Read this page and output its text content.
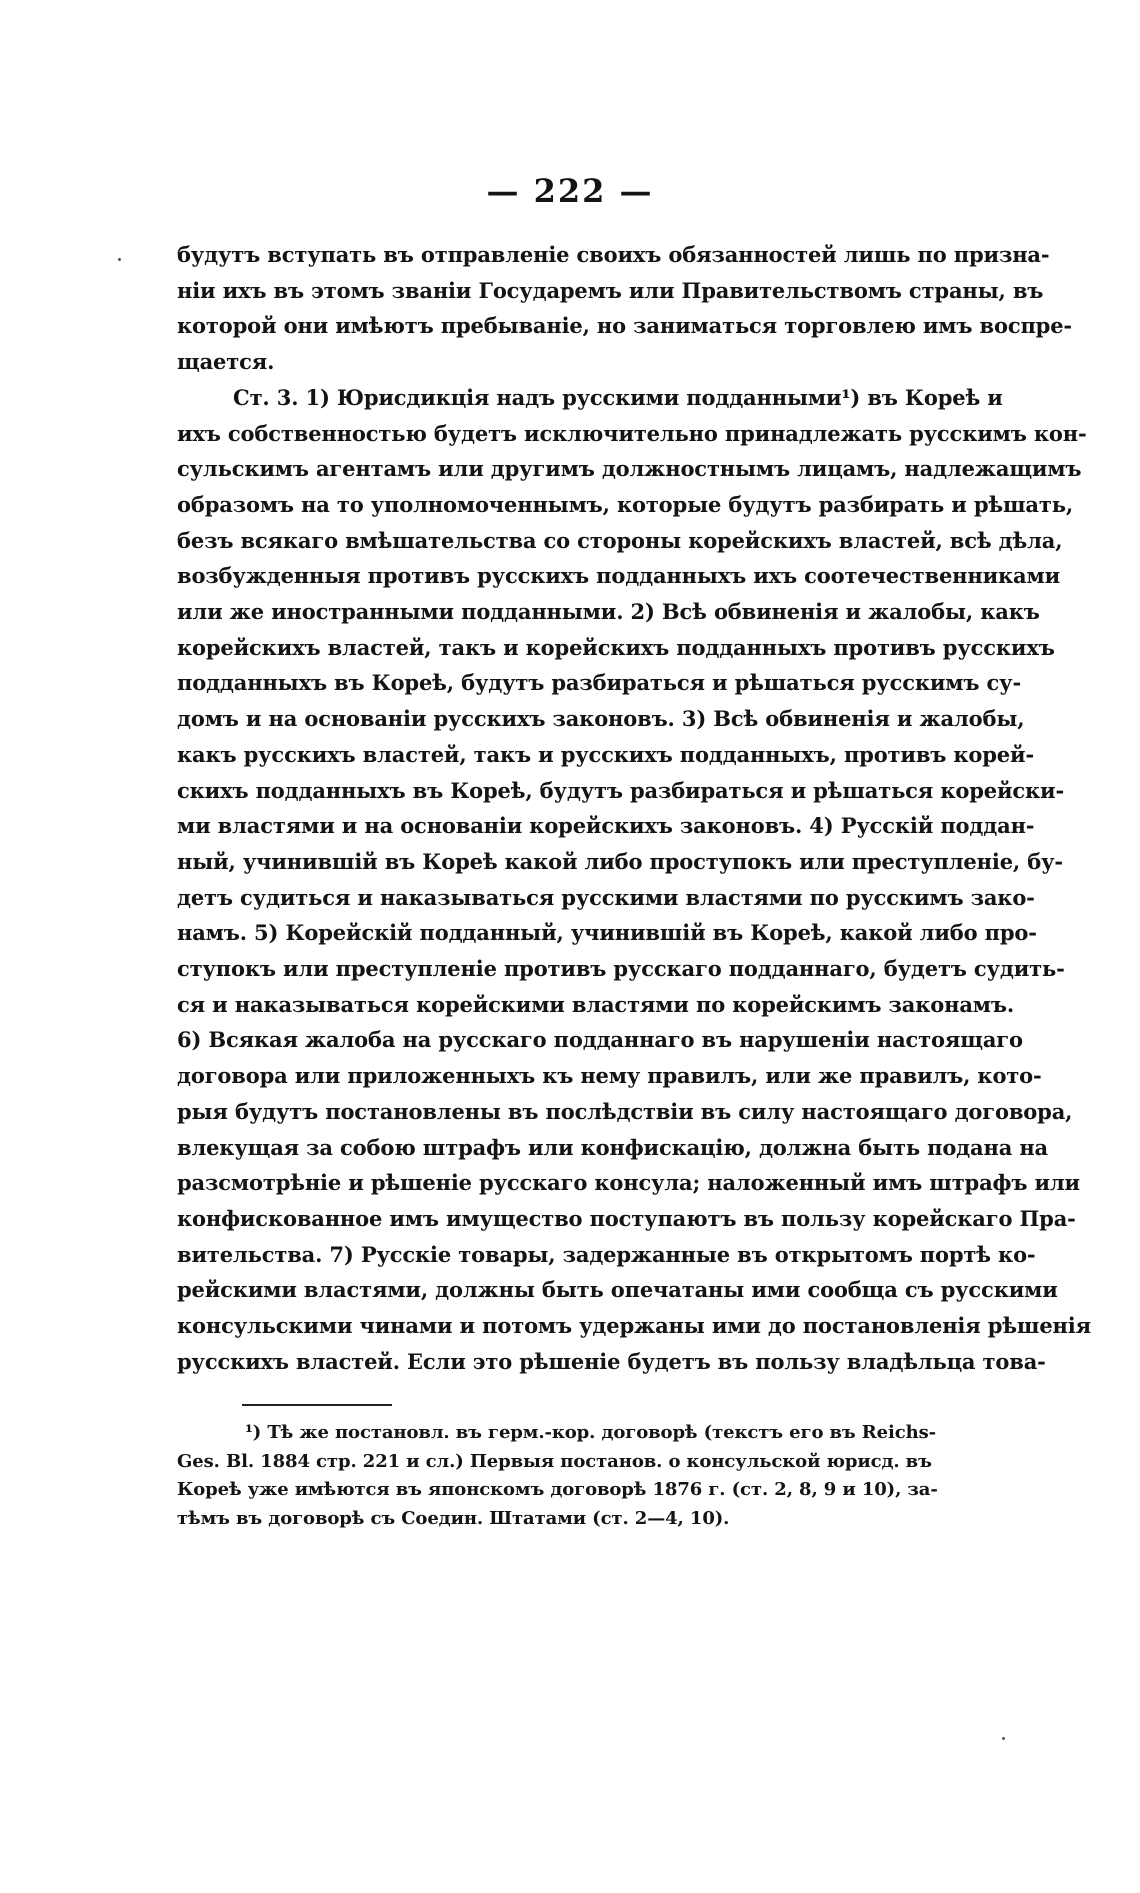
— 222 —
будутъ вступать въ отправленіе своихъ обязанностей лишь по призна-
ніи ихъ въ этомъ званіи Государемъ или Правительствомъ страны, въ
которой они имѣютъ пребываніе, но заниматься торговлею имъ воспре-
щается.
Ст. 3. 1) Юрисдикція надъ русскими подданными¹) въ Кореѣ и
ихъ собственностью будетъ исключительно принадлежать русскимъ кон-
сульскимъ агентамъ или другимъ должностнымъ лицамъ, надлежащимъ
образомъ на то уполномоченнымъ, которые будутъ разбирать и рѣшать,
безъ всякаго вмѣшательства со стороны корейскихъ властей, всѣ дѣла,
возбужденныя противъ русскихъ подданныхъ ихъ соотечественниками
или же иностранными подданными. 2) Всѣ обвиненія и жалобы, какъ
корейскихъ властей, такъ и корейскихъ подданныхъ противъ русскихъ
подданныхъ въ Кореѣ, будутъ разбираться и рѣшаться русскимъ су-
домъ и на основаніи русскихъ законовъ. 3) Всѣ обвиненія и жалобы,
какъ русскихъ властей, такъ и русскихъ подданныхъ, противъ корей-
скихъ подданныхъ въ Кореѣ, будутъ разбираться и рѣшаться корейски-
ми властями и на основаніи корейскихъ законовъ. 4) Русскій поддан-
ный, учинившій въ Кореѣ какой либо проступокъ или преступленіе, бу-
детъ судиться и наказываться русскими властями по русскимъ зако-
намъ. 5) Корейскій подданный, учинившій въ Кореѣ, какой либо про-
ступокъ или преступленіе противъ русскаго подданнаго, будетъ судить-
ся и наказываться корейскими властями по корейскимъ законамъ.
6) Всякая жалоба на русскаго подданнаго въ нарушеніи настоящаго
договора или приложенныхъ къ нему правилъ, или же правилъ, кото-
рыя будутъ постановлены въ послѣдствіи въ силу настоящаго договора,
влекущая за собою штрафъ или конфискацію, должна быть подана на
разсмотрѣніе и рѣшеніе русскаго консула; наложенный имъ штрафъ или
конфискованное имъ имущество поступаютъ въ пользу корейскаго Пра-
вительства. 7) Русскіе товары, задержанные въ открытомъ портѣ ко-
рейскими властями, должны быть опечатаны ими сообща съ русскими
консульскими чинами и потомъ удержаны ими до постановленія рѣшенія
русскихъ властей. Если это рѣшеніе будетъ въ пользу владѣльца това-
¹) Тѣ же постановл. въ герм.-кор. договорѣ (текстъ его въ Reichs-
Ges. Bl. 1884 стр. 221 и сл.) Первыя постанов. о консульской юрисд. въ
Кореѣ уже имѣются въ японскомъ договорѣ 1876 г. (ст. 2, 8, 9 и 10), за-
тѣмъ въ договорѣ съ Соедин. Штатами (ст. 2—4, 10).
